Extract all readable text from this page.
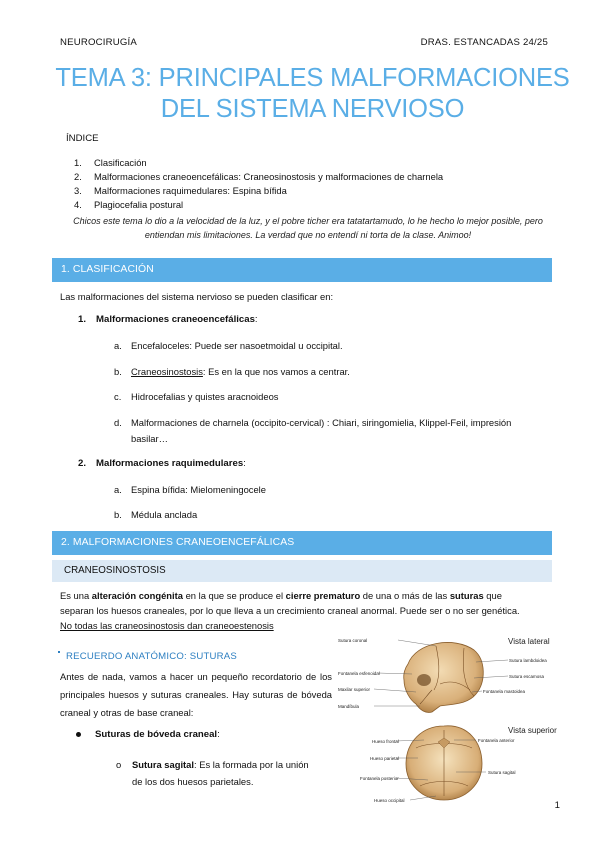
NEUROCIRUGÍA	DRAS. ESTANCADAS 24/25
TEMA 3: PRINCIPALES MALFORMACIONES
DEL SISTEMA NERVIOSO
ÍNDICE
1. Clasificación
2. Malformaciones craneoencefálicas: Craneosinostosis y malformaciones de charnela
3. Malformaciones raquimedulares: Espina bífida
4. Plagiocefalia postural
Chicos este tema lo dio a la velocidad de la luz, y el pobre ticher era tatatartamudo, lo he hecho lo mejor posible, pero
entiendan mis limitaciones. La verdad que no entendí ni torta de la clase. Animoo!
1. CLASIFICACIÓN
Las malformaciones del sistema nervioso se pueden clasificar en:
1. Malformaciones craneoencefálicas:
a. Encefaloceles: Puede ser nasoetmoidal u occipital.
b. Craneosinostosis: Es en la que nos vamos a centrar.
c. Hidrocefalias y quistes aracnoideos
d. Malformaciones de charnela (occipito-cervical) : Chiari, siringomielia, Klippel-Feil, impresión basilar…
2. Malformaciones raquimedulares:
a. Espina bífida: Mielomeningocele
b. Médula anclada
2. MALFORMACIONES CRANEOENCEFÁLICAS
CRANEOSINOSTOSIS
Es una alteración congénita en la que se produce el cierre prematuro de una o más de las suturas que
separan los huesos craneales, por lo que lleva a un crecimiento craneal anormal. Puede ser o no ser genética.
No todas las craneosinostosis dan craneoestenosis
RECUERDO ANATÓMICO: SUTURAS
Antes de nada, vamos a hacer un pequeño recordatorio de los principales huesos y suturas craneales. Hay suturas de bóveda craneal y otras de base craneal:
Suturas de bóveda craneal:
o Sutura sagital: Es la formada por la unión
de los dos huesos parietales.
Sutura coronal
Fontanela esfenoidal
Maxilar superior
Mandíbula
Vista lateral
Sutura lambdoidea
Sutura escamosa
Fontanela mastoidea
Vista superior
Hueso frontal
Hueso parietal
Fontanela posterior
Hueso occipital
Fontanela anterior
Sutura sagital
1
